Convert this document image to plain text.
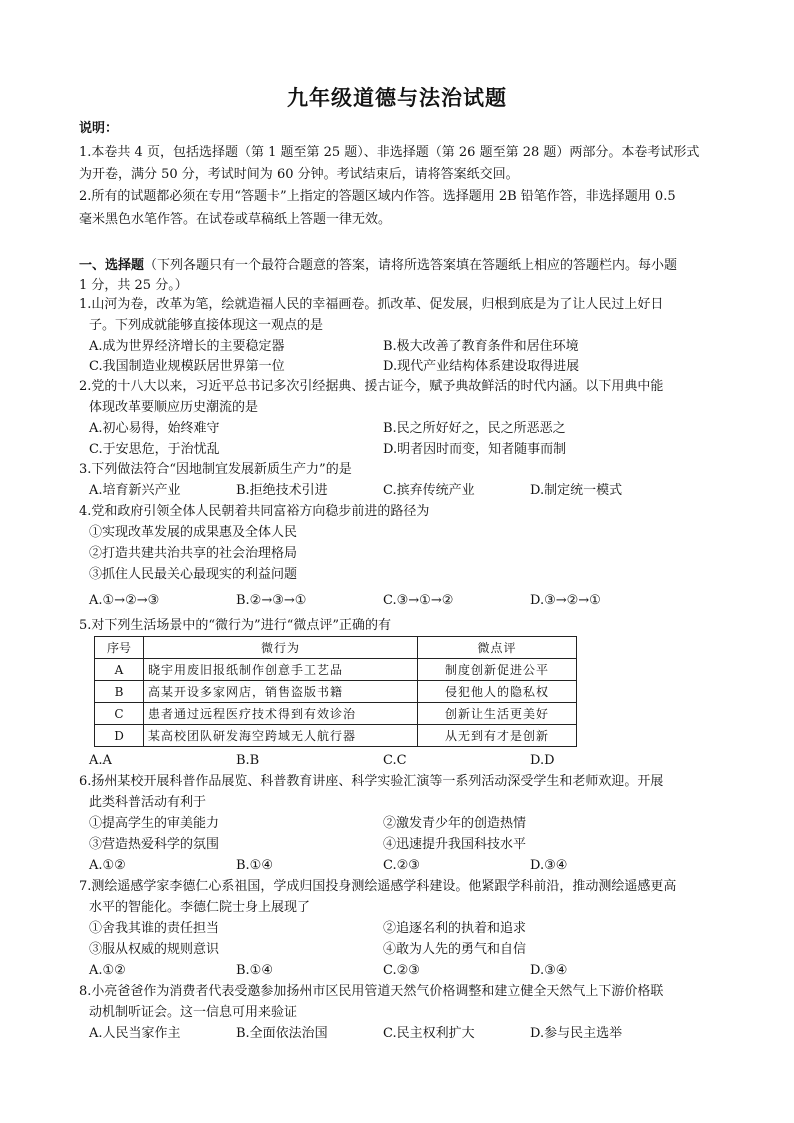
九年级道德与法治试题
说明：
1.本卷共 4 页，包括选择题（第 1 题至第 25 题）、非选择题（第 26 题至第 28 题）两部分。本卷考试形式
为开卷，满分 50 分，考试时间为 60 分钟。考试结束后，请将答案纸交回。
2.所有的试题都必须在专用“答题卡”上指定的答题区域内作答。选择题用 2B 铅笔作答，非选择题用 0.5
毫米黑色水笔作答。在试卷或草稿纸上答题一律无效。
一、选择题（下列各题只有一个最符合题意的答案，请将所选答案填在答题纸上相应的答题栏内。每小题
1 分，共 25 分。）
1.山河为卷，改革为笔，绘就造福人民的幸福画卷。抓改革、促发展，归根到底是为了让人民过上好日
子。下列成就能够直接体现这一观点的是
A.成为世界经济增长的主要稳定器	B.极大改善了教育条件和居住环境
C.我国制造业规模跃居世界第一位	D.现代产业结构体系建设取得进展
2.党的十八大以来，习近平总书记多次引经据典、援古证今，赋予典故鲜活的时代内涵。以下用典中能
体现改革要顺应历史潮流的是
A.初心易得，始终难守	B.民之所好好之，民之所恶恶之
C.于安思危，于治忧乱	D.明者因时而变，知者随事而制
3.下列做法符合“因地制宜发展新质生产力”的是
A.培育新兴产业	B.拒绝技术引进	C.摈弃传统产业	D.制定统一模式
4.党和政府引领全体人民朝着共同富裕方向稳步前进的路径为
①实现改革发展的成果惠及全体人民
②打造共建共治共享的社会治理格局
③抓住人民最关心最现实的利益问题
A.①→②→③	B.②→③→①	C.③→①→②	D.③→②→①
5.对下列生活场景中的“微行为”进行“微点评”正确的有
序号	微行为	微点评
A	晓宇用废旧报纸制作创意手工艺品	制度创新促进公平
B	高某开设多家网店，销售盗版书籍	侵犯他人的隐私权
C	患者通过远程医疗技术得到有效诊治	创新让生活更美好
D	某高校团队研发海空跨域无人航行器	从无到有才是创新
A.A	B.B	C.C	D.D
6.扬州某校开展科普作品展览、科普教育讲座、科学实验汇演等一系列活动深受学生和老师欢迎。开展
此类科普活动有利于
①提高学生的审美能力	②激发青少年的创造热情
③营造热爱科学的氛围	④迅速提升我国科技水平
A.①②	B.①④	C.②③	D.③④
7.测绘遥感学家李德仁心系祖国，学成归国投身测绘遥感学科建设。他紧跟学科前沿，推动测绘遥感更高
水平的智能化。李德仁院士身上展现了
①舍我其谁的责任担当	②追逐名利的执着和追求
③服从权威的规则意识	④敢为人先的勇气和自信
A.①②	B.①④	C.②③	D.③④
8.小亮爸爸作为消费者代表受邀参加扬州市区民用管道天然气价格调整和建立健全天然气上下游价格联
动机制听证会。这一信息可用来验证
A.人民当家作主	B.全面依法治国	C.民主权利扩大	D.参与民主选举
